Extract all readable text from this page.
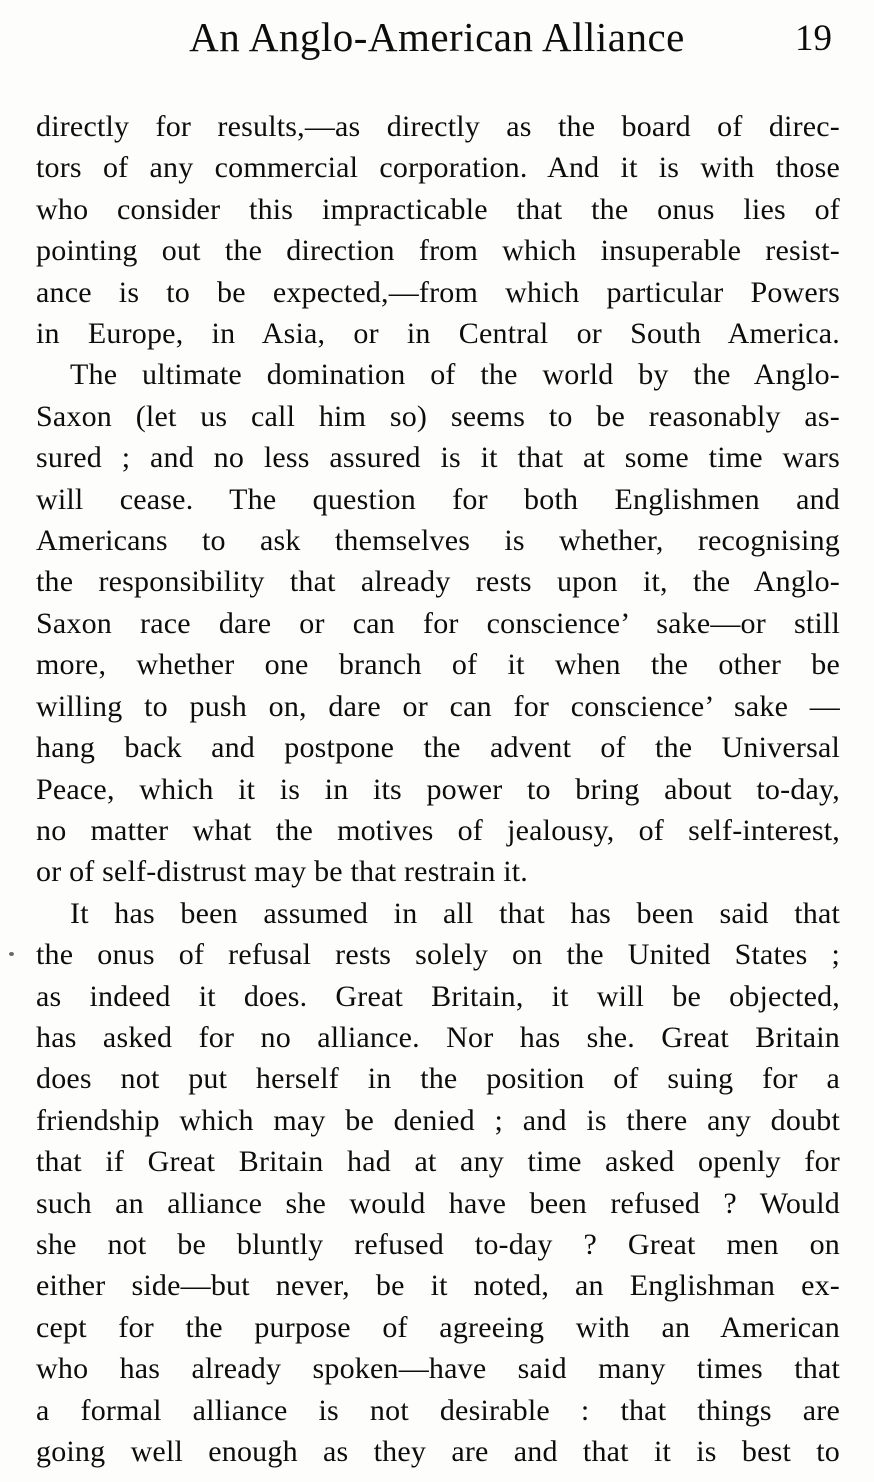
An Anglo-American Alliance	19
directly for results,—as directly as the board of direc-
tors of any commercial corporation. And it is with those
who consider this impracticable that the onus lies of
pointing out the direction from which insuperable resist-
ance is to be expected,—from which particular Powers
in Europe, in Asia, or in Central or South America.
The ultimate domination of the world by the Anglo-
Saxon (let us call him so) seems to be reasonably as-
sured ; and no less assured is it that at some time wars
will cease. The question for both Englishmen and
Americans to ask themselves is whether, recognising
the responsibility that already rests upon it, the Anglo-
Saxon race dare or can for conscience’ sake—or still
more, whether one branch of it when the other be
willing to push on, dare or can for conscience’ sake —
hang back and postpone the advent of the Universal
Peace, which it is in its power to bring about to-day,
no matter what the motives of jealousy, of self-interest,
or of self-distrust may be that restrain it.
It has been assumed in all that has been said that
the onus of refusal rests solely on the United States ;
as indeed it does. Great Britain, it will be objected,
has asked for no alliance. Nor has she. Great Britain
does not put herself in the position of suing for a
friendship which may be denied ; and is there any doubt
that if Great Britain had at any time asked openly for
such an alliance she would have been refused ? Would
she not be bluntly refused to-day ? Great men on
either side—but never, be it noted, an Englishman ex-
cept for the purpose of agreeing with an American
who has already spoken—have said many times that
a formal alliance is not desirable : that things are
going well enough as they are and that it is best to
